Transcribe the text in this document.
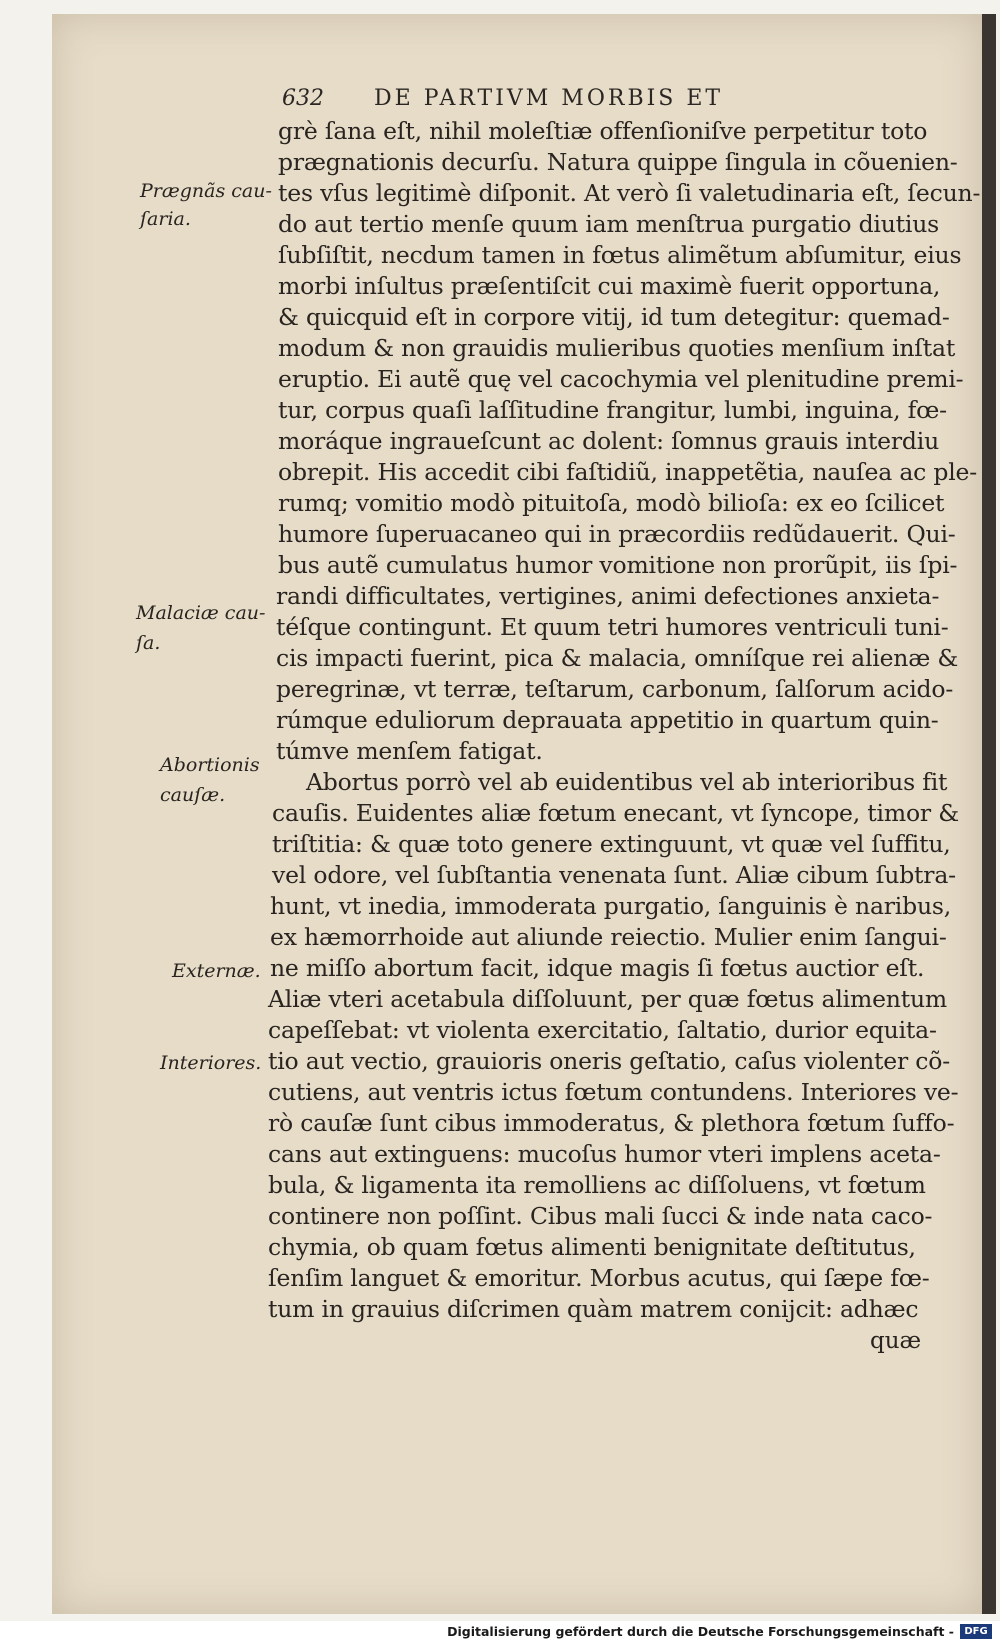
632 DE PARTIVM MORBIS ET
grè ſana eſt, nihil moleſtiæ offenſioniſve perpetitur toto
prægnationis decurſu. Natura quippe ſingula in cõuenien-
tes vſus legitimè diſponit. At verò ſi valetudinaria eſt, ſecun-
do aut tertio menſe quum iam menſtrua purgatio diutius
ſubſiſtit, necdum tamen in fœtus alimẽtum abſumitur, eius
morbi inſultus præſentiſcit cui maximè fuerit opportuna,
& quicquid eſt in corpore vitij, id tum detegitur: quemad-
modum & non grauidis mulieribus quoties menſium inſtat
eruptio. Ei autẽ quę vel cacochymia vel plenitudine premi-
tur, corpus quaſi laſſitudine frangitur, lumbi, inguina, fœ-
moráque ingraueſcunt ac dolent: ſomnus grauis interdiu
obrepit. His accedit cibi faſtidiũ, inappetẽtia, nauſea ac ple-
rumq; vomitio modò pituitoſa, modò bilioſa: ex eo ſcilicet
humore ſuperuacaneo qui in præcordiis redũdauerit. Qui-
bus autẽ cumulatus humor vomitione non prorũpit, iis ſpi-
randi difficultates, vertigines, animi defectiones anxieta-
téſque contingunt. Et quum tetri humores ventriculi tuni-
cis impacti fuerint, pica & malacia, omníſque rei alienæ &
peregrinæ, vt terræ, teſtarum, carbonum, ſalſorum acido-
rúmque eduliorum deprauata appetitio in quartum quin-
túmve menſem fatigat.
Abortus porrò vel ab euidentibus vel ab interioribus fit
cauſis. Euidentes aliæ fœtum enecant, vt ſyncope, timor &
triſtitia: & quæ toto genere extinguunt, vt quæ vel ſuffitu,
vel odore, vel ſubſtantia venenata ſunt. Aliæ cibum ſubtra-
hunt, vt inedia, immoderata purgatio, ſanguinis è naribus,
ex hæmorrhoide aut aliunde reiectio. Mulier enim ſangui-
ne miſſo abortum facit, idque magis ſi fœtus auctior eſt.
Aliæ vteri acetabula diſſoluunt, per quæ fœtus alimentum
capeſſebat: vt violenta exercitatio, ſaltatio, durior equita-
tio aut vectio, grauioris oneris geſtatio, caſus violenter cõ-
cutiens, aut ventris ictus fœtum contundens. Interiores ve-
rò cauſæ ſunt cibus immoderatus, & plethora fœtum ſuffo-
cans aut extinguens: mucoſus humor vteri implens aceta-
bula, & ligamenta ita remolliens ac diſſoluens, vt fœtum
continere non poſſint. Cibus mali ſucci & inde nata caco-
chymia, ob quam fœtus alimenti benignitate deſtitutus,
ſenſim languet & emoritur. Morbus acutus, qui ſæpe fœ-
tum in grauius diſcrimen quàm matrem conijcit: adhæc
quæ
Prægnãs cau-
ſaria.
Malaciæ cau-
ſa.
Abortionis
cauſæ.
Externæ.
Interiores.
Digitalisierung gefördert durch die Deutsche Forschungsgemeinschaft -	DFG
